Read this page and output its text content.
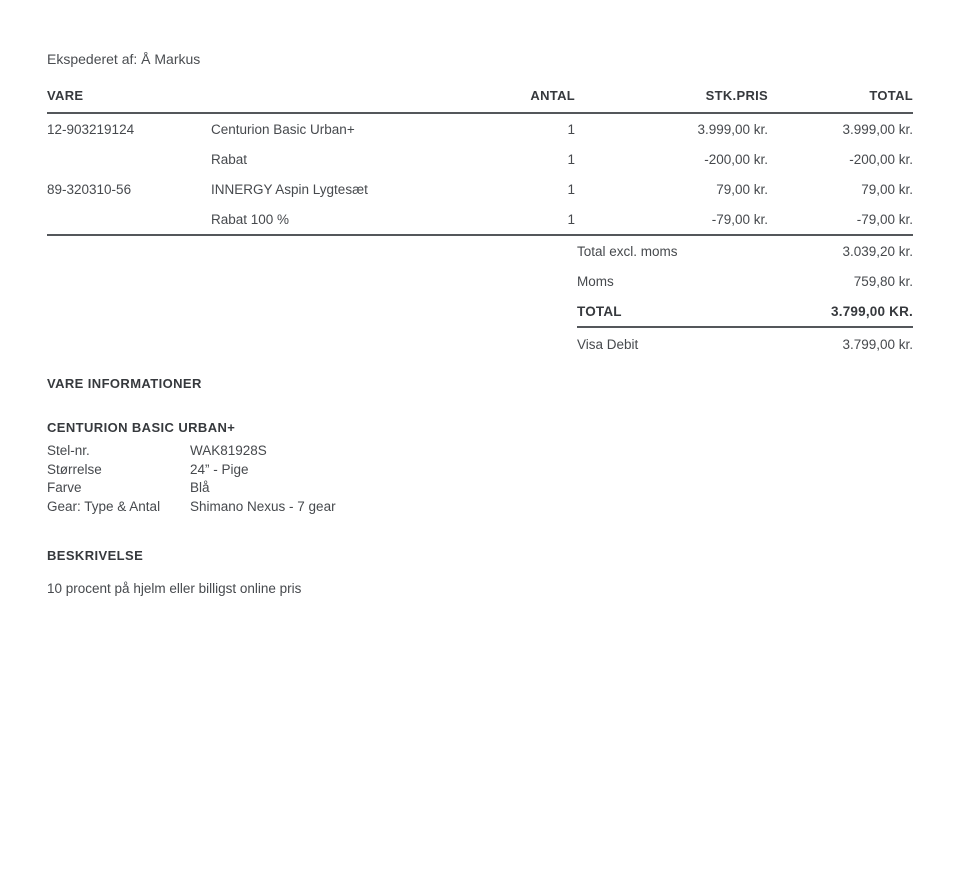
Ekspederet af: Å Markus

VARE		ANTAL	STK.PRIS	TOTAL
12-903219124	Centurion Basic Urban+	1	3.999,00 kr.	3.999,00 kr.
	Rabat	1	-200,00 kr.	-200,00 kr.
89-320310-56	INNERGY Aspin Lygtesæt	1	79,00 kr.	79,00 kr.
	Rabat 100 %	1	-79,00 kr.	-79,00 kr.
Total excl. moms	3.039,20 kr.
Moms	759,80 kr.
TOTAL	3.799,00 KR.
Visa Debit	3.799,00 kr.
VARE INFORMATIONER
CENTURION BASIC URBAN+
Stel-nr.	WAK81928S
Størrelse	24” - Pige
Farve	Blå
Gear: Type & Antal	Shimano Nexus - 7 gear
BESKRIVELSE

10 procent på hjelm eller billigst online pris
